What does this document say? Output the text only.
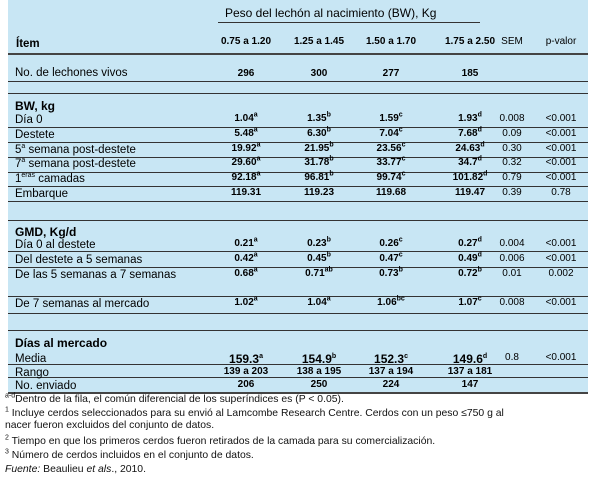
Peso del lechón al nacimiento (BW), Kg
Ítem	0.75 a 1.20	1.25 a 1.45	1.50 a 1.70	1.75 a 2.50 SEM	p-valor
No. de lechones vivos	296	300	277	185
BW, kg
Día 0	1.04$^a$	1.35$^b$	1.59$^c$	1.93$^d$	0.008	<0.001
Destete	5.48$^a$	6.30$^b$	7.04$^c$	7.68$^d$	0.09	<0.001
5$^a$ semana post-destete	19.92$^a$	21.95$^b$	23.56$^c$	24.63$^d$	0.30	<0.001
7$^a$ semana post-destete	29.60$^a$	31.78$^b$	33.77$^c$	34.7$^d$	0.32	<0.001
$1^{eras}$ camadas	92.18$^a$	96.81$^b$	99.74$^c$	101.82$^d$	0.79	<0.001
Embarque	119.31	119.23	119.68	119.47	0.39	0.78
GMD, Kg/d
Día 0 al destete	0.21$^a$	0.23$^b$	0.26$^c$	0.27$^d$	0.004	<0.001
Del destete a 5 semanas	0.42$^a$	0.45$^b$	0.47$^c$	0.49$^d$	0.006	<0.001
De las 5 semanas a 7 semanas	0.68$^a$	0.71$^{ab}$	0.73$^b$	0.72$^b$	0.01	0.002
De 7 semanas al mercado	1.02$^a$	1.04$^a$	1.06$^{bc}$	1.07$^c$	0.008	<0.001
Días al mercado
Media	159.3$^a$	154.9$^b$	152.3$^c$	149.6$^d$	0.8	<0.001
Rango	139 a 203	138 a 195	137 a 194	137 a 181
No. enviado	206	250	224	147
$^{a-d}$Dentro de la fila, el común diferencial de los superíndices es (P < 0.05).
$^1$ Incluye cerdos seleccionados para su envió al Lamcombe Research Centre. Cerdos con un peso ≤750 g al
nacer fueron excluidos del conjunto de datos.
$^2$ Tiempo en que los primeros cerdos fueron retirados de la camada para su comercialización.
$^3$ Número de cerdos incluidos en el conjunto de datos.
Fuente: Beaulieu et als., 2010.
